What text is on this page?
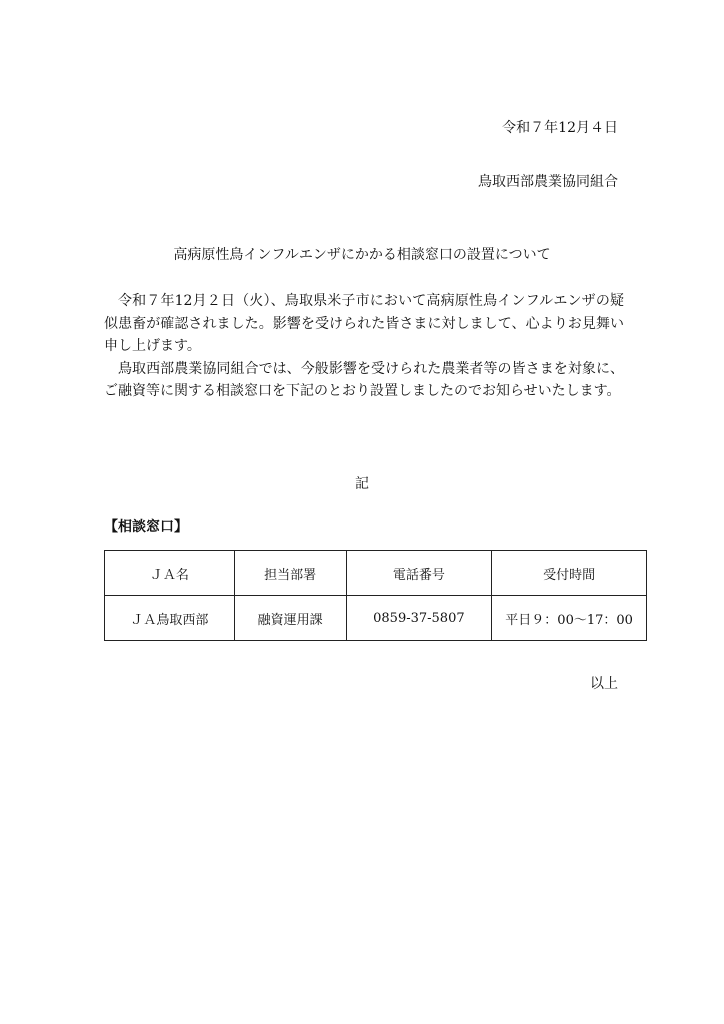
令和７年12月４日
鳥取西部農業協同組合
高病原性鳥インフルエンザにかかる相談窓口の設置について

令和７年12月２日（火）、鳥取県米子市において高病原性鳥インフルエンザの疑似患畜が確認されました。影響を受けられた皆さまに対しまして、心よりお見舞い申し上げます。

鳥取西部農業協同組合では、今般影響を受けられた農業者等の皆さまを対象に、ご融資等に関する相談窓口を下記のとおり設置しましたのでお知らせいたします。

記
【相談窓口】
ＪＡ名	担当部署	電話番号	受付時間
ＪＡ鳥取西部	融資運用課	0859-37-5807	平日９：00～17：00
以上
